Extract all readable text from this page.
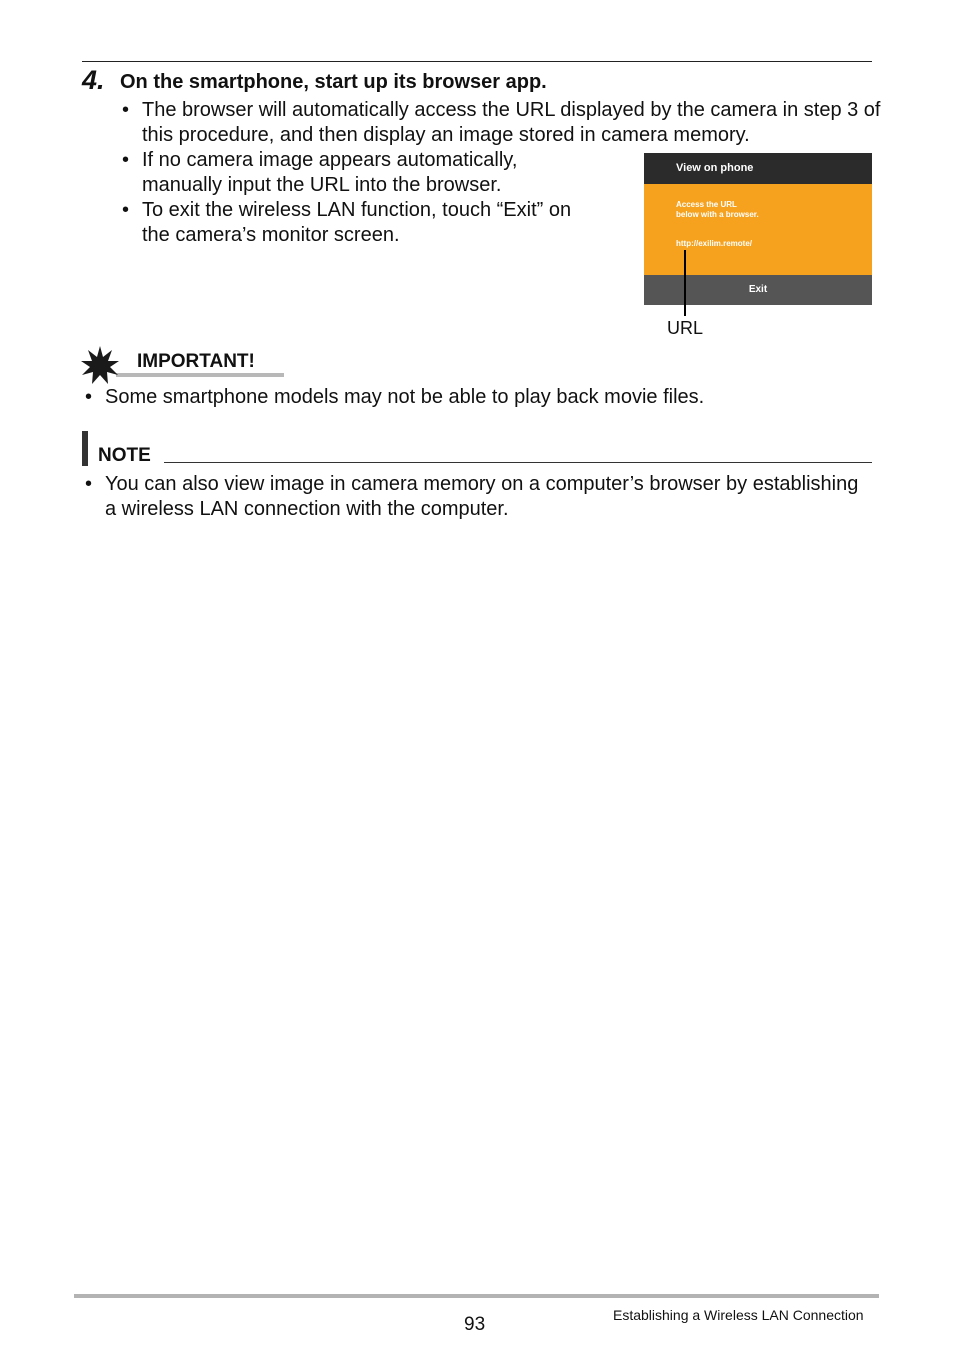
4. On the smartphone, start up its browser app.
• The browser will automatically access the URL displayed by the camera in step 3 of this procedure, and then display an image stored in camera memory.
• If no camera image appears automatically, manually input the URL into the browser.
• To exit the wireless LAN function, touch “Exit” on the camera’s monitor screen.
View on phone
Access the URL
below with a browser.
http://exilim.remote/
Exit
URL
IMPORTANT!
• Some smartphone models may not be able to play back movie files.
NOTE
• You can also view image in camera memory on a computer’s browser by establishing a wireless LAN connection with the computer.
93	Establishing a Wireless LAN Connection
